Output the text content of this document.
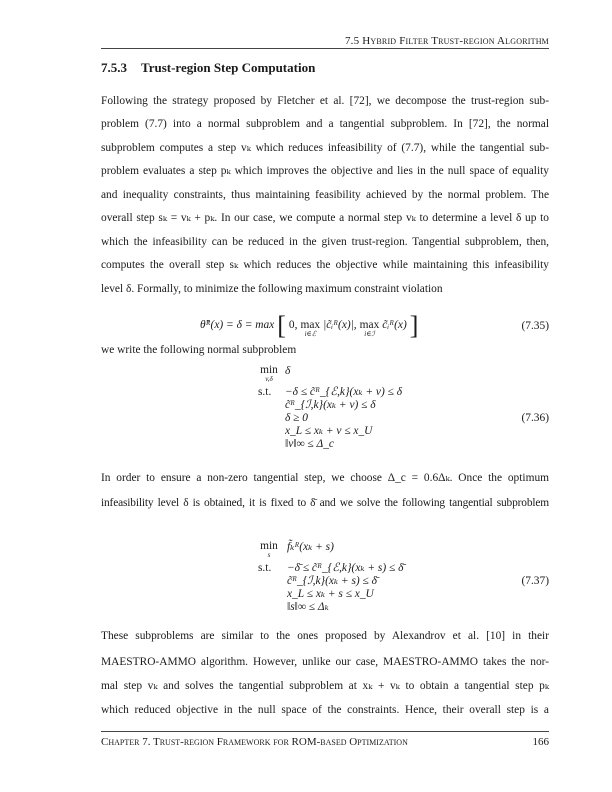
7.5 Hybrid Filter Trust-region Algorithm
7.5.3 Trust-region Step Computation
Following the strategy proposed by Fletcher et al. [72], we decompose the trust-region sub-
problem (7.7) into a normal subproblem and a tangential subproblem. In [72], the normal
subproblem computes a step vₖ which reduces infeasibility of (7.7), while the tangential sub-
problem evaluates a step pₖ which improves the objective and lies in the null space of equality
and inequality constraints, thus maintaining feasibility achieved by the normal problem. The
overall step sₖ = vₖ + pₖ. In our case, we compute a normal step vₖ to determine a level δ up to
which the infeasibility can be reduced in the given trust-region. Tangential subproblem, then,
computes the overall step sₖ which reduces the objective while maintaining this infeasibility
level δ. Formally, to minimize the following maximum constraint violation
θ̃ᴿ(x) = δ = max [ 0, max
i∈ℰ
|c̃ᵢᴿ(x)|, max
i∈ℐ
c̃ᵢᴿ(x) ]	(7.35)
we write the following normal subproblem
min
v,δ
δ
s.t. −δ ≤ c̃ᴿ_{ℰ,k}(xₖ + v) ≤ δ
c̃ᴿ_{ℐ,k}(xₖ + v) ≤ δ
δ ≥ 0
x_L ≤ xₖ + v ≤ x_U
‖v‖∞ ≤ Δ_c
(7.36)
In order to ensure a non-zero tangential step, we choose Δ_c = 0.6Δₖ. Once the optimum
infeasibility level δ is obtained, it is fixed to δ̄ and we solve the following tangential subproblem
min
s
f̃ₖᴿ(xₖ + s)
s.t. −δ̄ ≤ c̃ᴿ_{ℰ,k}(xₖ + s) ≤ δ̄
c̃ᴿ_{ℐ,k}(xₖ + s) ≤ δ̄
x_L ≤ xₖ + s ≤ x_U
‖s‖∞ ≤ Δₖ
(7.37)
These subproblems are similar to the ones proposed by Alexandrov et al. [10] in their
MAESTRO-AMMO algorithm. However, unlike our case, MAESTRO-AMMO takes the nor-
mal step vₖ and solves the tangential subproblem at xₖ + vₖ to obtain a tangential step pₖ
which reduced objective in the null space of the constraints. Hence, their overall step is a
Chapter 7. Trust-region Framework for ROM-based Optimization	166
